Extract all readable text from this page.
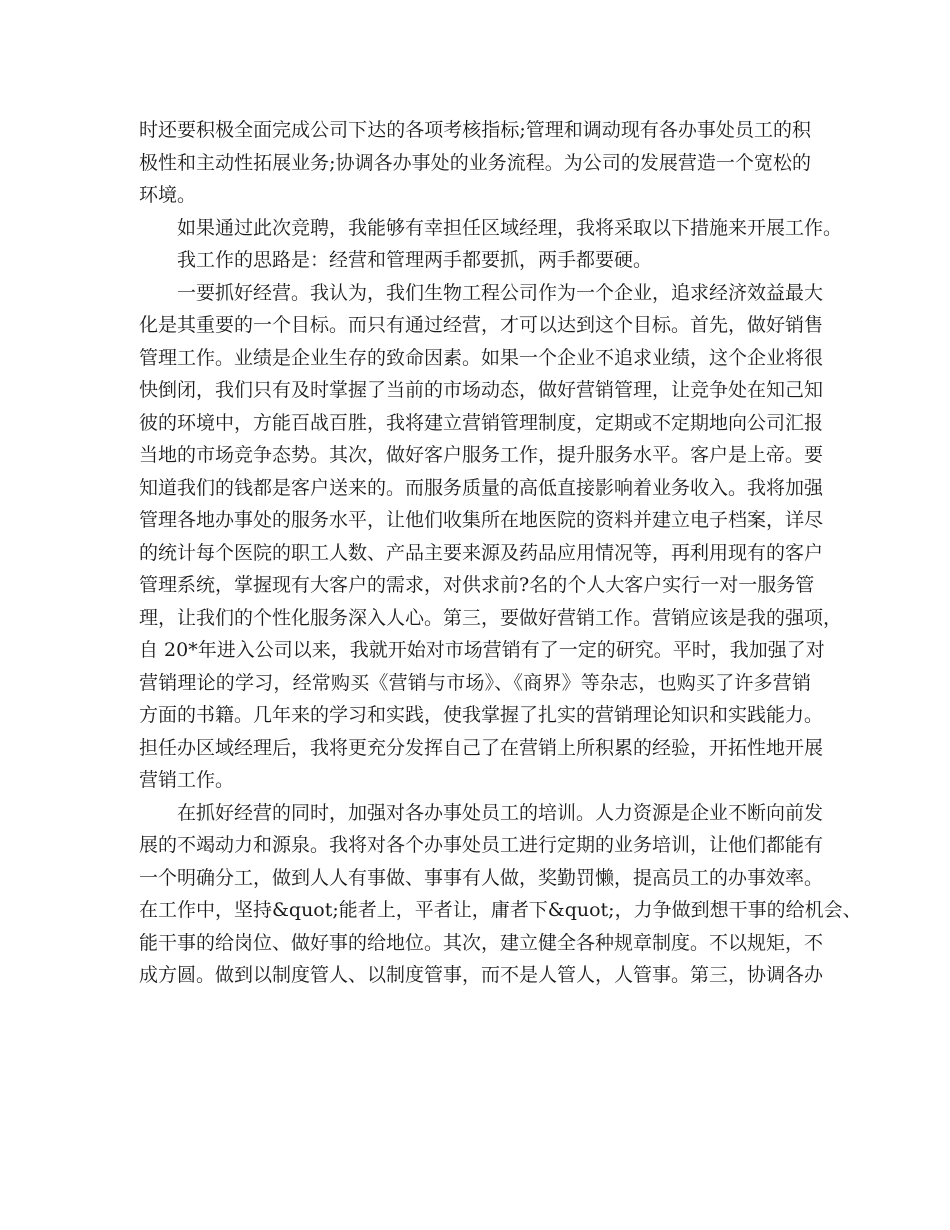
时还要积极全面完成公司下达的各项考核指标;管理和调动现有各办事处员工的积
极性和主动性拓展业务;协调各办事处的业务流程。为公司的发展营造一个宽松的
环境。
如果通过此次竞聘，我能够有幸担任区域经理，我将采取以下措施来开展工作。
我工作的思路是：经营和管理两手都要抓，两手都要硬。
一要抓好经营。我认为，我们生物工程公司作为一个企业，追求经济效益最大
化是其重要的一个目标。而只有通过经营，才可以达到这个目标。首先，做好销售
管理工作。业绩是企业生存的致命因素。如果一个企业不追求业绩，这个企业将很
快倒闭，我们只有及时掌握了当前的市场动态，做好营销管理，让竞争处在知己知
彼的环境中，方能百战百胜，我将建立营销管理制度，定期或不定期地向公司汇报
当地的市场竞争态势。其次，做好客户服务工作，提升服务水平。客户是上帝。要
知道我们的钱都是客户送来的。而服务质量的高低直接影响着业务收入。我将加强
管理各地办事处的服务水平，让他们收集所在地医院的资料并建立电子档案，详尽
的统计每个医院的职工人数、产品主要来源及药品应用情况等，再利用现有的客户
管理系统，掌握现有大客户的需求，对供求前?名的个人大客户实行一对一服务管
理，让我们的个性化服务深入人心。第三，要做好营销工作。营销应该是我的强项，
自 20*年进入公司以来，我就开始对市场营销有了一定的研究。平时，我加强了对
营销理论的学习，经常购买《营销与市场》、《商界》等杂志，也购买了许多营销
方面的书籍。几年来的学习和实践，使我掌握了扎实的营销理论知识和实践能力。
担任办区域经理后，我将更充分发挥自己了在营销上所积累的经验，开拓性地开展
营销工作。
在抓好经营的同时，加强对各办事处员工的培训。人力资源是企业不断向前发
展的不竭动力和源泉。我将对各个办事处员工进行定期的业务培训，让他们都能有
一个明确分工，做到人人有事做、事事有人做，奖勤罚懒，提高员工的办事效率。
在工作中，坚持&quot;能者上，平者让，庸者下&quot;，力争做到想干事的给机会、
能干事的给岗位、做好事的给地位。其次，建立健全各种规章制度。不以规矩，不
成方圆。做到以制度管人、以制度管事，而不是人管人，人管事。第三，协调各办
